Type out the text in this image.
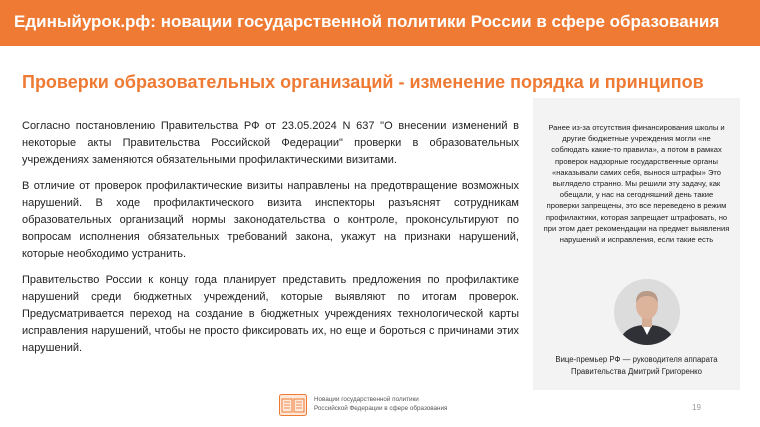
Единыйурок.рф: новации государственной политики России в сфере образования
Проверки образовательных организаций - изменение порядка и принципов

Согласно постановлению Правительства РФ от 23.05.2024 N 637 "О внесении изменений в некоторые акты Правительства Российской Федерации" проверки в образовательных учреждениях заменяются обязательными профилактическими визитами.

В отличие от проверок профилактические визиты направлены на предотвращение возможных нарушений. В ходе профилактического визита инспекторы разъяснят сотрудникам образовательных организаций нормы законодательства о контроле, проконсультируют по вопросам исполнения обязательных требований закона, укажут на признаки нарушений, которые необходимо устранить.

Правительство России к концу года планирует представить предложения по профилактике нарушений среди бюджетных учреждений, которые выявляют по итогам проверок. Предусматривается переход на создание в бюджетных учреждениях технологической карты исправления нарушений, чтобы не просто фиксировать их, но еще и бороться с причинами этих нарушений.

Ранее из-за отсутствия финансирования школы и другие бюджетные учреждения могли «не соблюдать какие-то правила», а потом в рамках проверок надзорные государственные органы «наказывали самих себя, вынося штрафы» Это выглядело странно. Мы решили эту задачу, как обещали, у нас на сегодняшний день такие проверки запрещены, это все переведено в режим профилактики, которая запрещает штрафовать, но при этом дает рекомендации на предмет выявления нарушений и исправления, если такие есть
Вице-премьер РФ — руководителя аппарата Правительства Дмитрий Григоренко
Новации государственной политики
Российской Федерации в сфере образования	19
